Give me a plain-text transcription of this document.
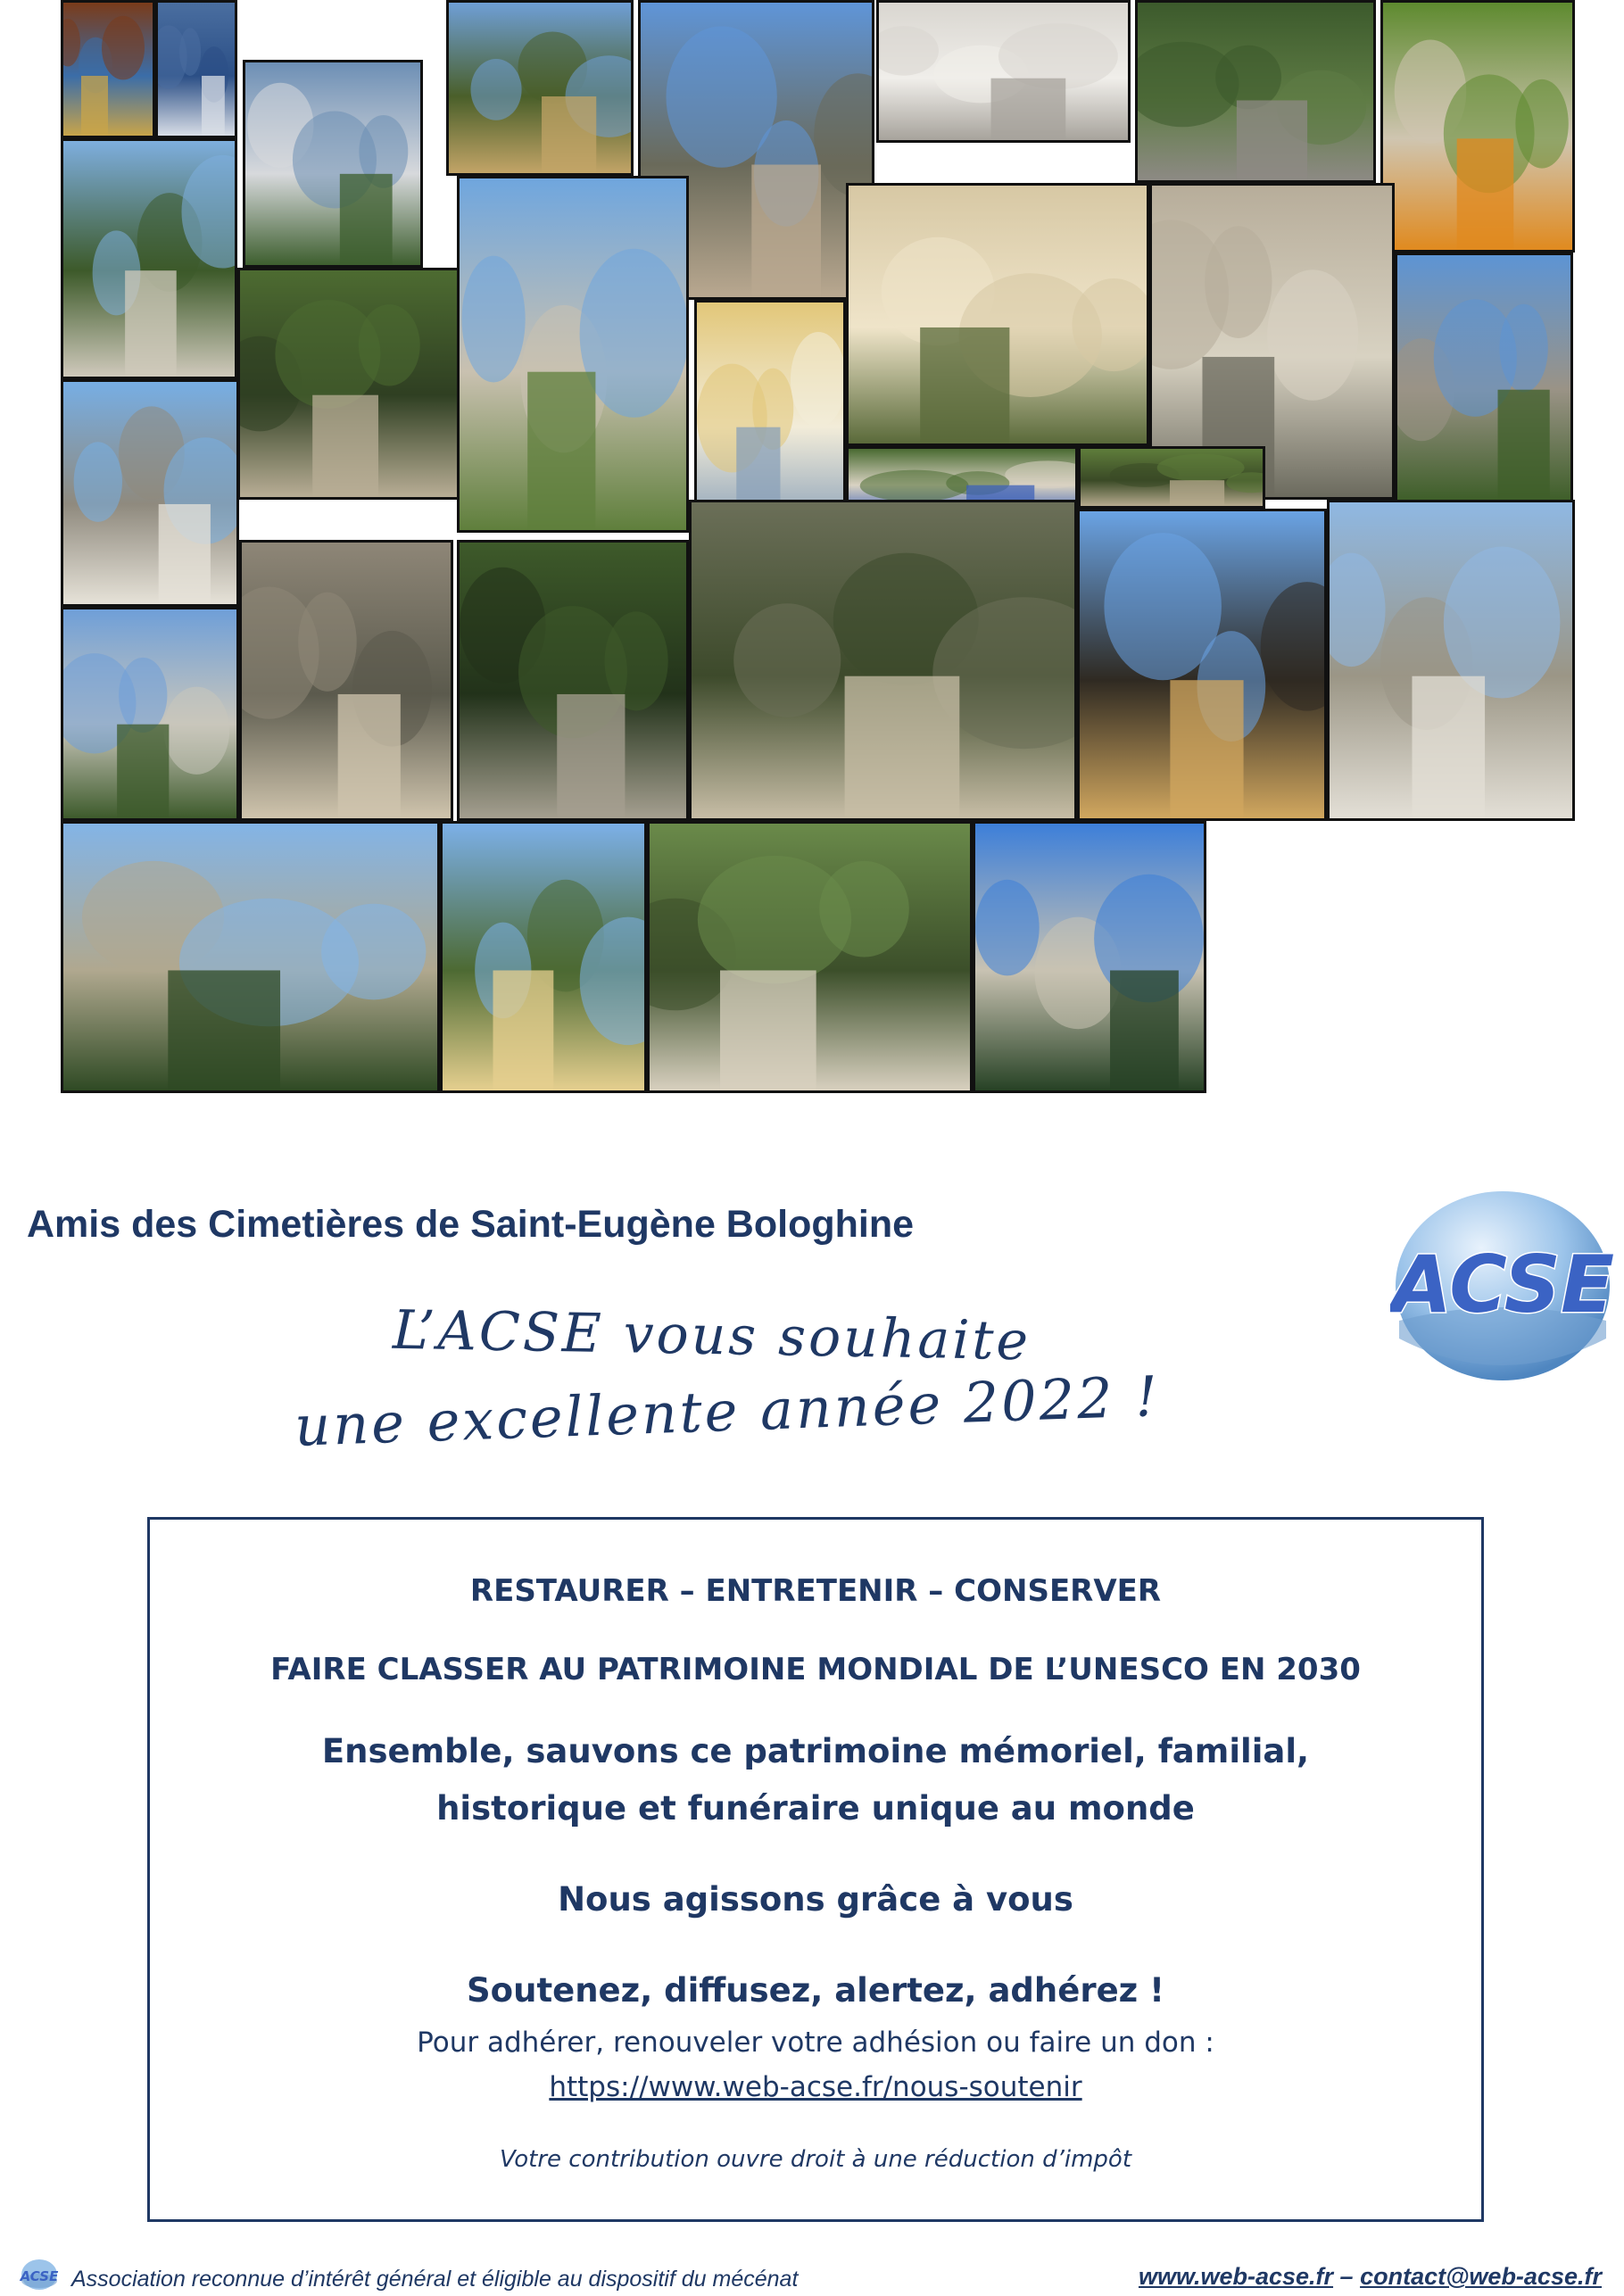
Amis des Cimetières de Saint-Eugène Bologhine
ACSE

L’ACSE vous souhaite

une excellente année 2022 !

RESTAURER – ENTRETENIR – CONSERVER

FAIRE CLASSER AU PATRIMOINE MONDIAL DE L’UNESCO EN 2030

Ensemble, sauvons ce patrimoine mémoriel, familial,

historique et funéraire unique au monde

Nous agissons grâce à vous

Soutenez, diffusez, alertez, adhérez !

Pour adhérer, renouveler votre adhésion ou faire un don :

https://www.web-acse.fr/nous-soutenir

Votre contribution ouvre droit à une réduction d’impôt

ACSE Association reconnue d’intérêt général et éligible au dispositif du mécénat	www.web-acse.fr – contact@web-acse.fr
